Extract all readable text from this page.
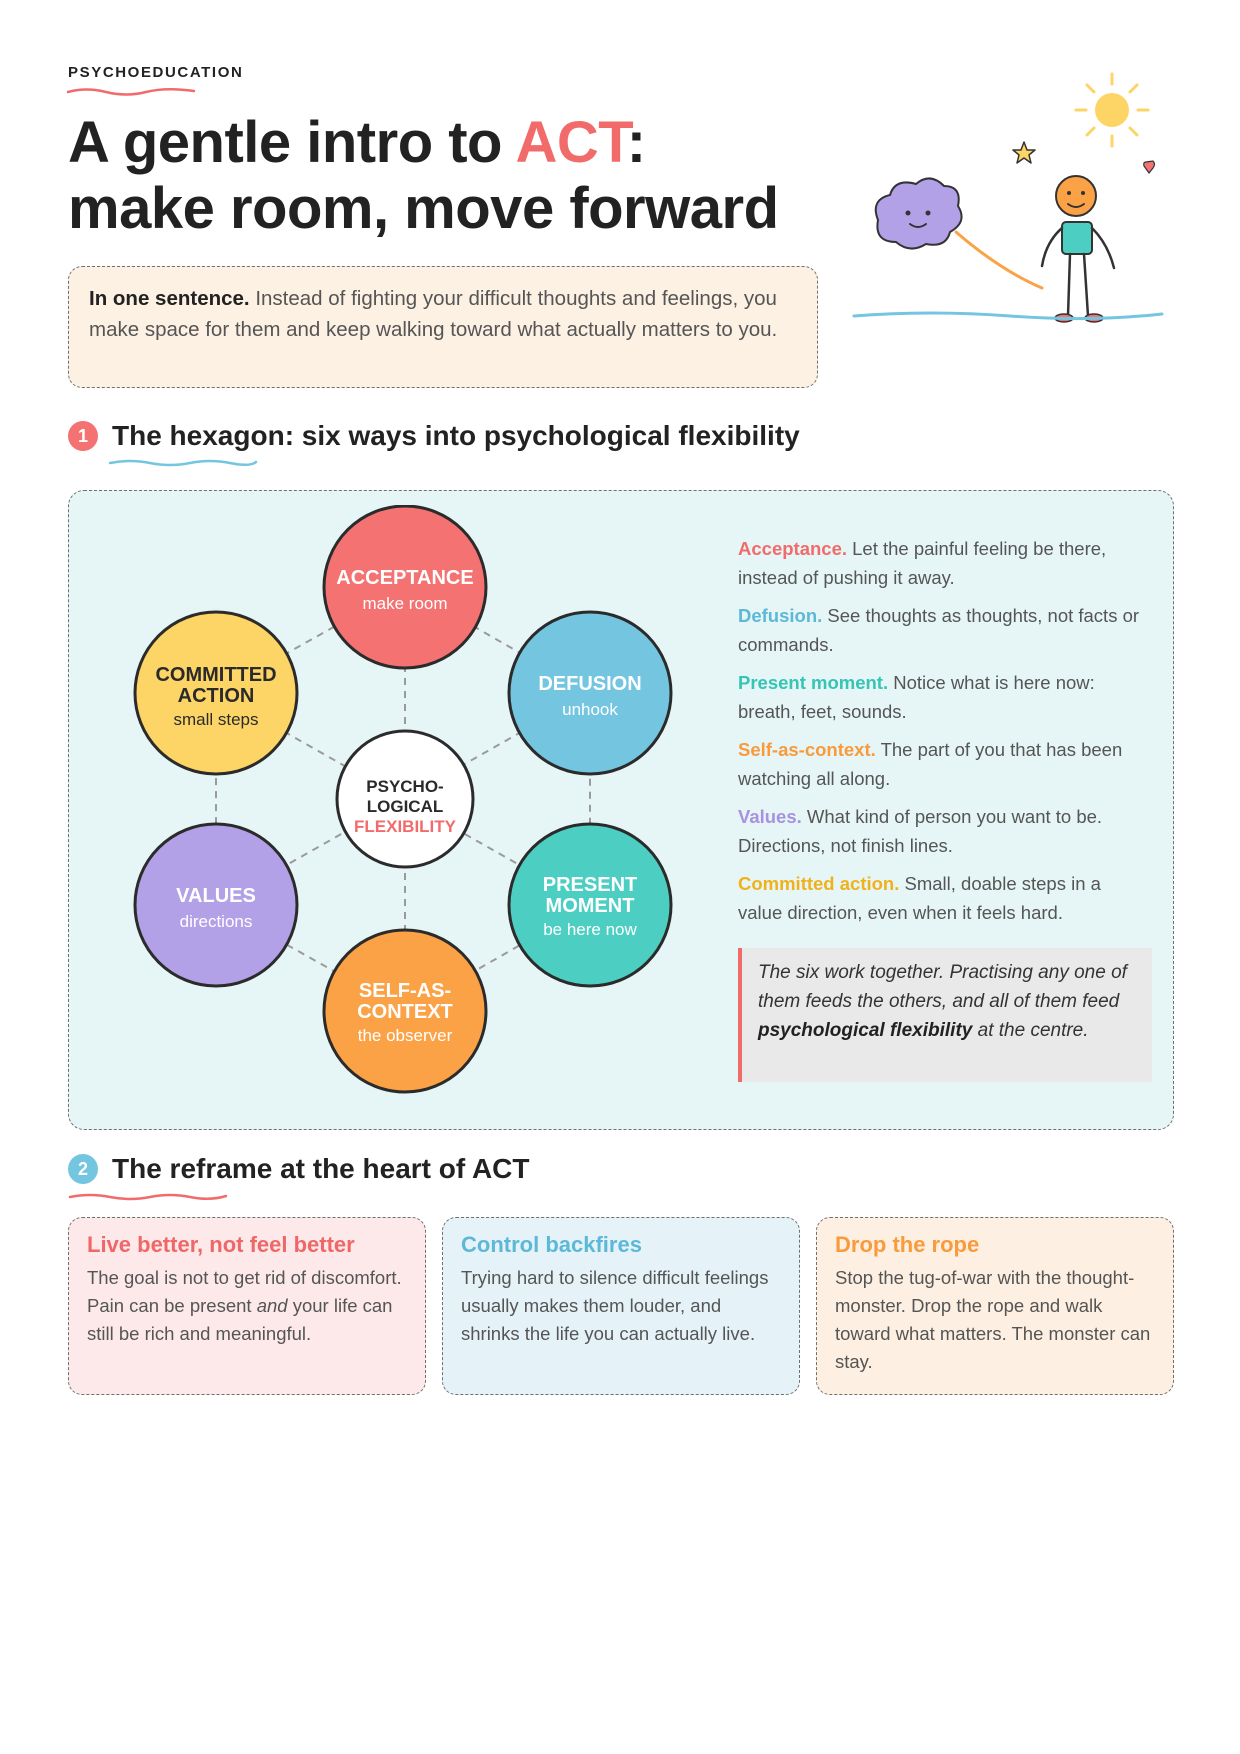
PSYCHOEDUCATION
A gentle intro to ACT:
make room, move forward
In one sentence. Instead of fighting your difficult thoughts and feelings, you make space for them and keep walking toward what actually matters to you.
1 The hexagon: six ways into psychological flexibility
ACCEPTANCE
make room
DEFUSION
unhook
PRESENT
MOMENT
be here now
SELF-AS-
CONTEXT
the observer
VALUES
directions
COMMITTED
ACTION
small steps
PSYCHO-
LOGICAL
FLEXIBILITY
Acceptance. Let the painful feeling be there, instead of pushing it away.
Defusion. See thoughts as thoughts, not facts or commands.
Present moment. Notice what is here now: breath, feet, sounds.
Self-as-context. The part of you that has been watching all along.
Values. What kind of person you want to be. Directions, not finish lines.
Committed action. Small, doable steps in a value direction, even when it feels hard.
The six work together. Practising any one of them feeds the others, and all of them feed psychological flexibility at the centre.
2 The reframe at the heart of ACT
Live better, not feel better
The goal is not to get rid of discomfort. Pain can be present and your life can still be rich and meaningful.
Control backfires
Trying hard to silence difficult feelings usually makes them louder, and shrinks the life you can actually live.
Drop the rope
Stop the tug-of-war with the thought-monster. Drop the rope and walk toward what matters. The monster can stay.
